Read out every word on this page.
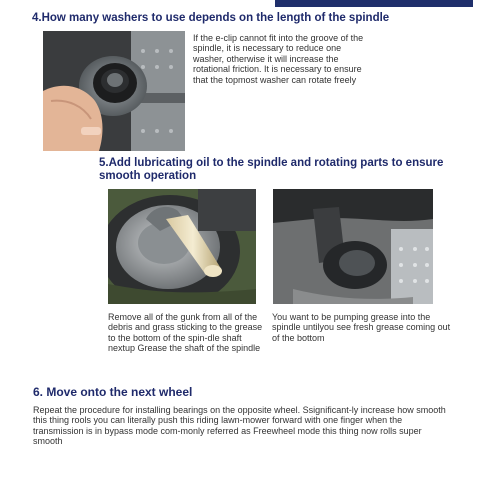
4.How many washers to use depends on the length of the spindle

If the e-clip cannot fit into the groove of the spindle, it is necessary to reduce one washer, otherwise it will increase the rotational friction. It is necessary to ensure that the topmost washer can rotate freely

5.Add lubricating oil to the spindle and rotating parts to ensure smooth operation

Remove all of the gunk from all of the debris and grass sticking to the grease to the bottom of the spin-dle shaft nextup Grease the shaft of the spindle

You want to be pumping grease into the spindle untilyou see fresh grease coming out of the bottom

6. Move onto the next wheel

Repeat the procedure for installing bearings on the opposite wheel. Ssignificant-ly increase how smooth this thing rools you can literally push this riding lawn-mower forward with one finger when the transmission is in bypass mode com-monly referred as Freewheel mode this thing now rolls super smooth
